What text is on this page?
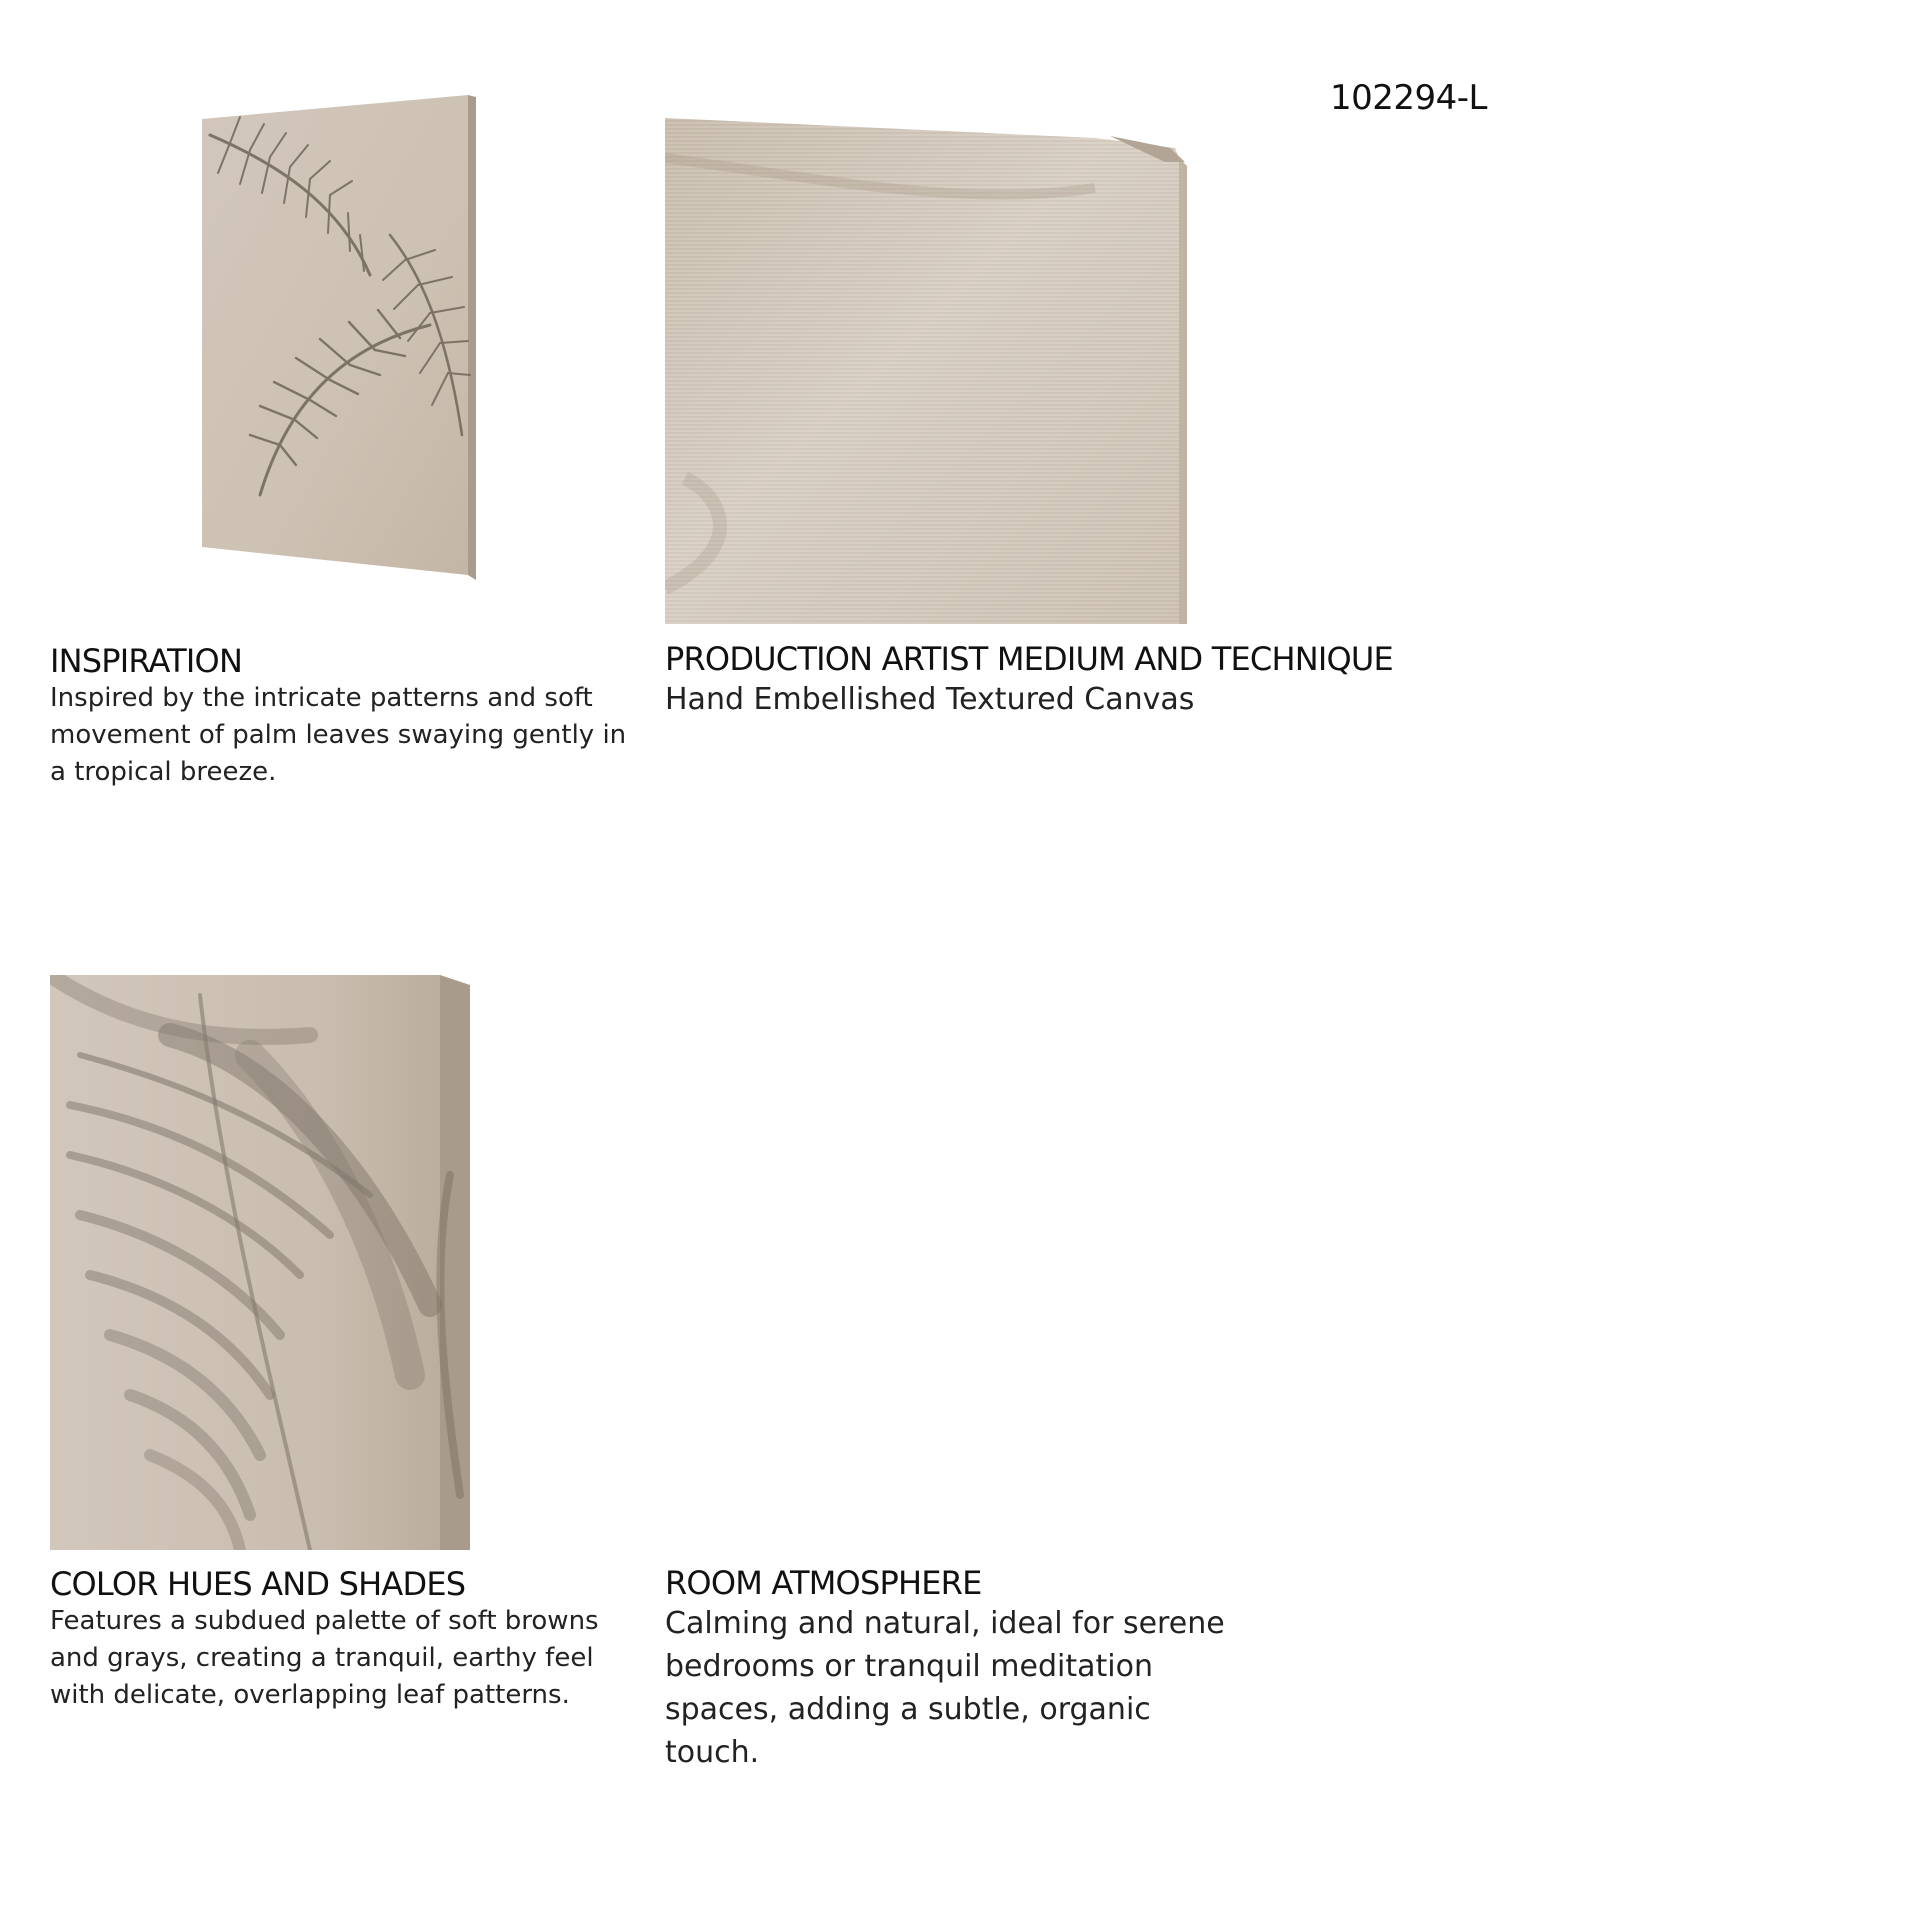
102294-L
INSPIRATION

Inspired by the intricate patterns and soft movement of palm leaves swaying gently in a tropical breeze.

PRODUCTION ARTIST MEDIUM AND TECHNIQUE

Hand Embellished Textured Canvas

COLOR HUES AND SHADES

Features a subdued palette of soft browns and grays, creating a tranquil, earthy feel with delicate, overlapping leaf patterns.

ROOM ATMOSPHERE

Calming and natural, ideal for serene bedrooms or tranquil meditation spaces, adding a subtle, organic touch.
